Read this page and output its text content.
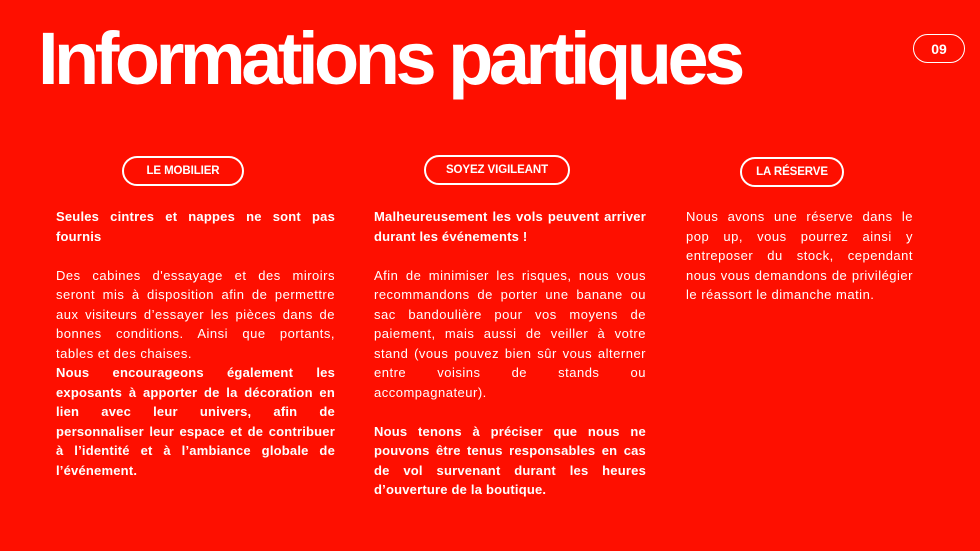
Informations partiques	09
LE MOBILIER

Seules cintres et nappes ne sont pas fournis

Des cabines d'essayage et des miroirs seront mis à disposition afin de permettre aux visiteurs d’essayer les pièces dans de bonnes conditions. Ainsi que portants, tables et des chaises.

Nous encourageons également les exposants à apporter de la décoration en lien avec leur univers, afin de personnaliser leur espace et de contribuer à l’identité et à l’ambiance globale de l’événement.

SOYEZ VIGILEANT

Malheureusement les vols peuvent arriver durant les événements !

Afin de minimiser les risques, nous vous recommandons de porter une banane ou sac bandoulière pour vos moyens de paiement, mais aussi de veiller à votre stand (vous pouvez bien sûr vous alterner entre voisins de stands ou accompagnateur).

Nous tenons à préciser que nous ne pouvons être tenus responsables en cas de vol survenant durant les heures d’ouverture de la boutique.

LA RÉSERVE

Nous avons une réserve dans le pop up, vous pourrez ainsi y entreposer du stock, cependant nous vous demandons de privilégier le réassort le dimanche matin.
